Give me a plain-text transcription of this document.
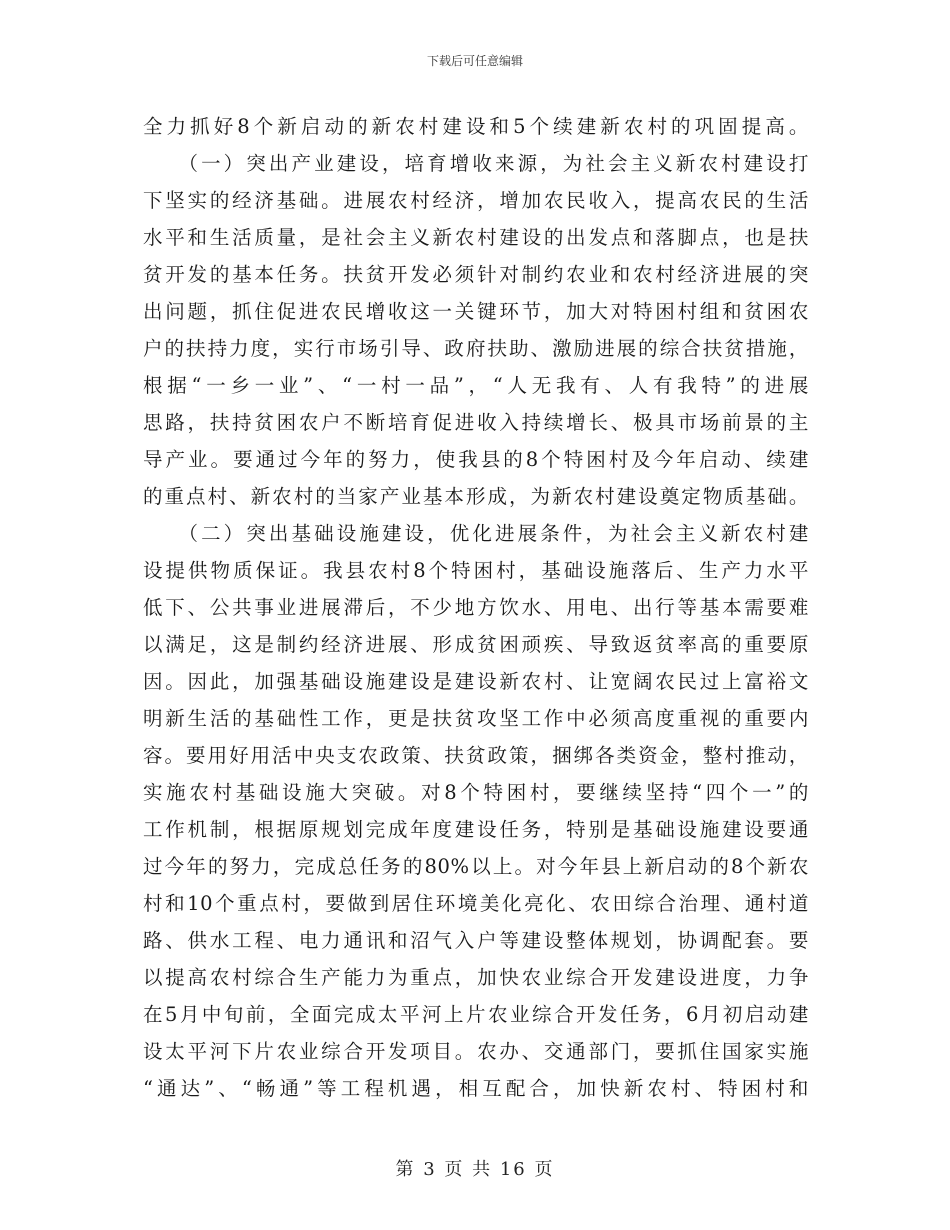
下载后可任意编辑

全力抓好8个新启动的新农村建设和5个续建新农村的巩固提高。

　　（一）突出产业建设，培育增收来源，为社会主义新农村建设打

下坚实的经济基础。进展农村经济，增加农民收入，提高农民的生活

水平和生活质量，是社会主义新农村建设的出发点和落脚点，也是扶

贫开发的基本任务。扶贫开发必须针对制约农业和农村经济进展的突

出问题，抓住促进农民增收这一关键环节，加大对特困村组和贫困农

户的扶持力度，实行市场引导、政府扶助、激励进展的综合扶贫措施，

根据“一乡一业”、“一村一品”，“人无我有、人有我特”的进展

思路，扶持贫困农户不断培育促进收入持续增长、极具市场前景的主

导产业。要通过今年的努力，使我县的8个特困村及今年启动、续建

的重点村、新农村的当家产业基本形成，为新农村建设奠定物质基础。

　　（二）突出基础设施建设，优化进展条件，为社会主义新农村建

设提供物质保证。我县农村8个特困村，基础设施落后、生产力水平

低下、公共事业进展滞后，不少地方饮水、用电、出行等基本需要难

以满足，这是制约经济进展、形成贫困顽疾、导致返贫率高的重要原

因。因此，加强基础设施建设是建设新农村、让宽阔农民过上富裕文

明新生活的基础性工作，更是扶贫攻坚工作中必须高度重视的重要内

容。要用好用活中央支农政策、扶贫政策，捆绑各类资金，整村推动，

实施农村基础设施大突破。对8个特困村，要继续坚持“四个一”的

工作机制，根据原规划完成年度建设任务，特别是基础设施建设要通

过今年的努力，完成总任务的80%以上。对今年县上新启动的8个新农

村和10个重点村，要做到居住环境美化亮化、农田综合治理、通村道

路、供水工程、电力通讯和沼气入户等建设整体规划，协调配套。要

以提高农村综合生产能力为重点，加快农业综合开发建设进度，力争

在5月中旬前，全面完成太平河上片农业综合开发任务，6月初启动建

设太平河下片农业综合开发项目。农办、交通部门，要抓住国家实施

“通达”、“畅通”等工程机遇，相互配合，加快新农村、特困村和

第 3 页 共 16 页
